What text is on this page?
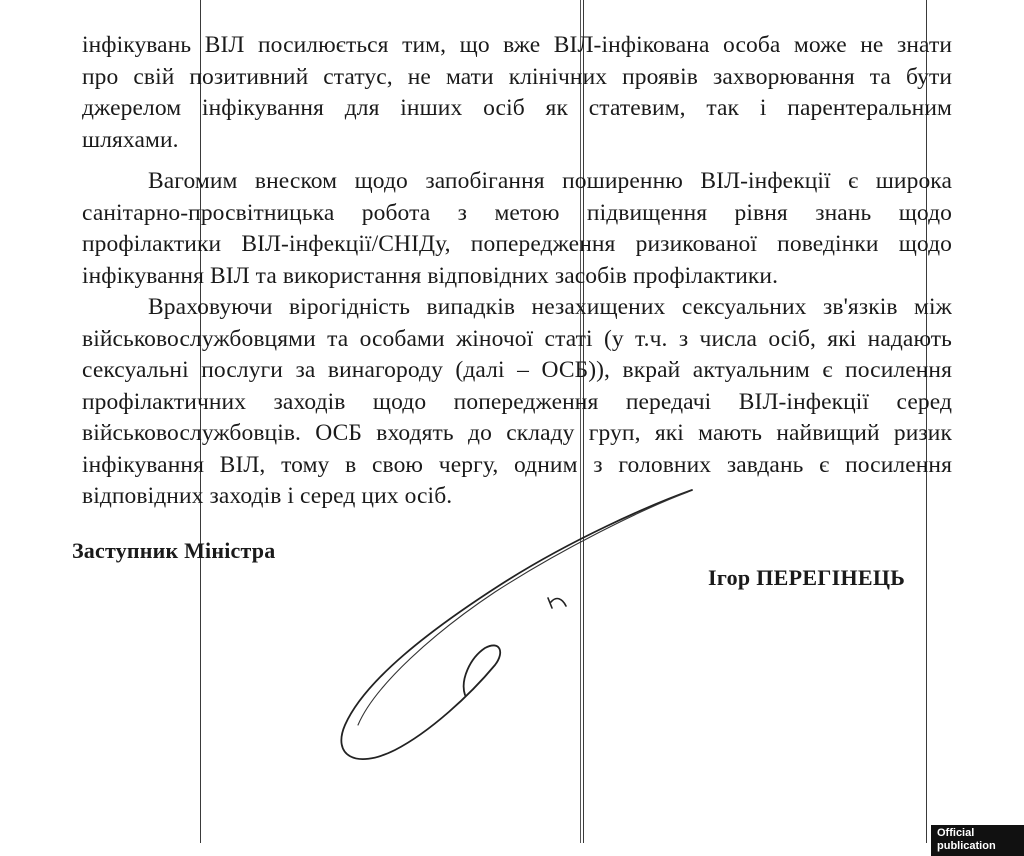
інфікувань ВІЛ посилюється тим, що вже ВІЛ-інфікована особа може не знати
про свій позитивний статус, не мати клінічних проявів захворювання та бути
джерелом інфікування для інших осіб як статевим, так і парентеральним
шляхами.
Вагомим внеском щодо запобігання поширенню ВІЛ-інфекції є широка
санітарно-просвітницька робота з метою підвищення рівня знань щодо
профілактики ВІЛ-інфекції/СНІДу, попередження ризикованої поведінки щодо
інфікування ВІЛ та використання відповідних засобів профілактики.
Враховуючи вірогідність випадків незахищених сексуальних зв'язків між
військовослужбовцями та особами жіночої статі (у т.ч. з числа осіб, які надають
сексуальні послуги за винагороду (далі – ОСБ)), вкрай актуальним є посилення
профілактичних заходів щодо попередження передачі ВІЛ-інфекції серед
військовослужбовців. ОСБ входять до складу груп, які мають найвищий ризик
інфікування ВІЛ, тому в свою чергу, одним з головних завдань є посилення
відповідних заходів і серед цих осіб.
Заступник Міністра
Ігор ПЕРЕГІНЕЦЬ
Official publication
